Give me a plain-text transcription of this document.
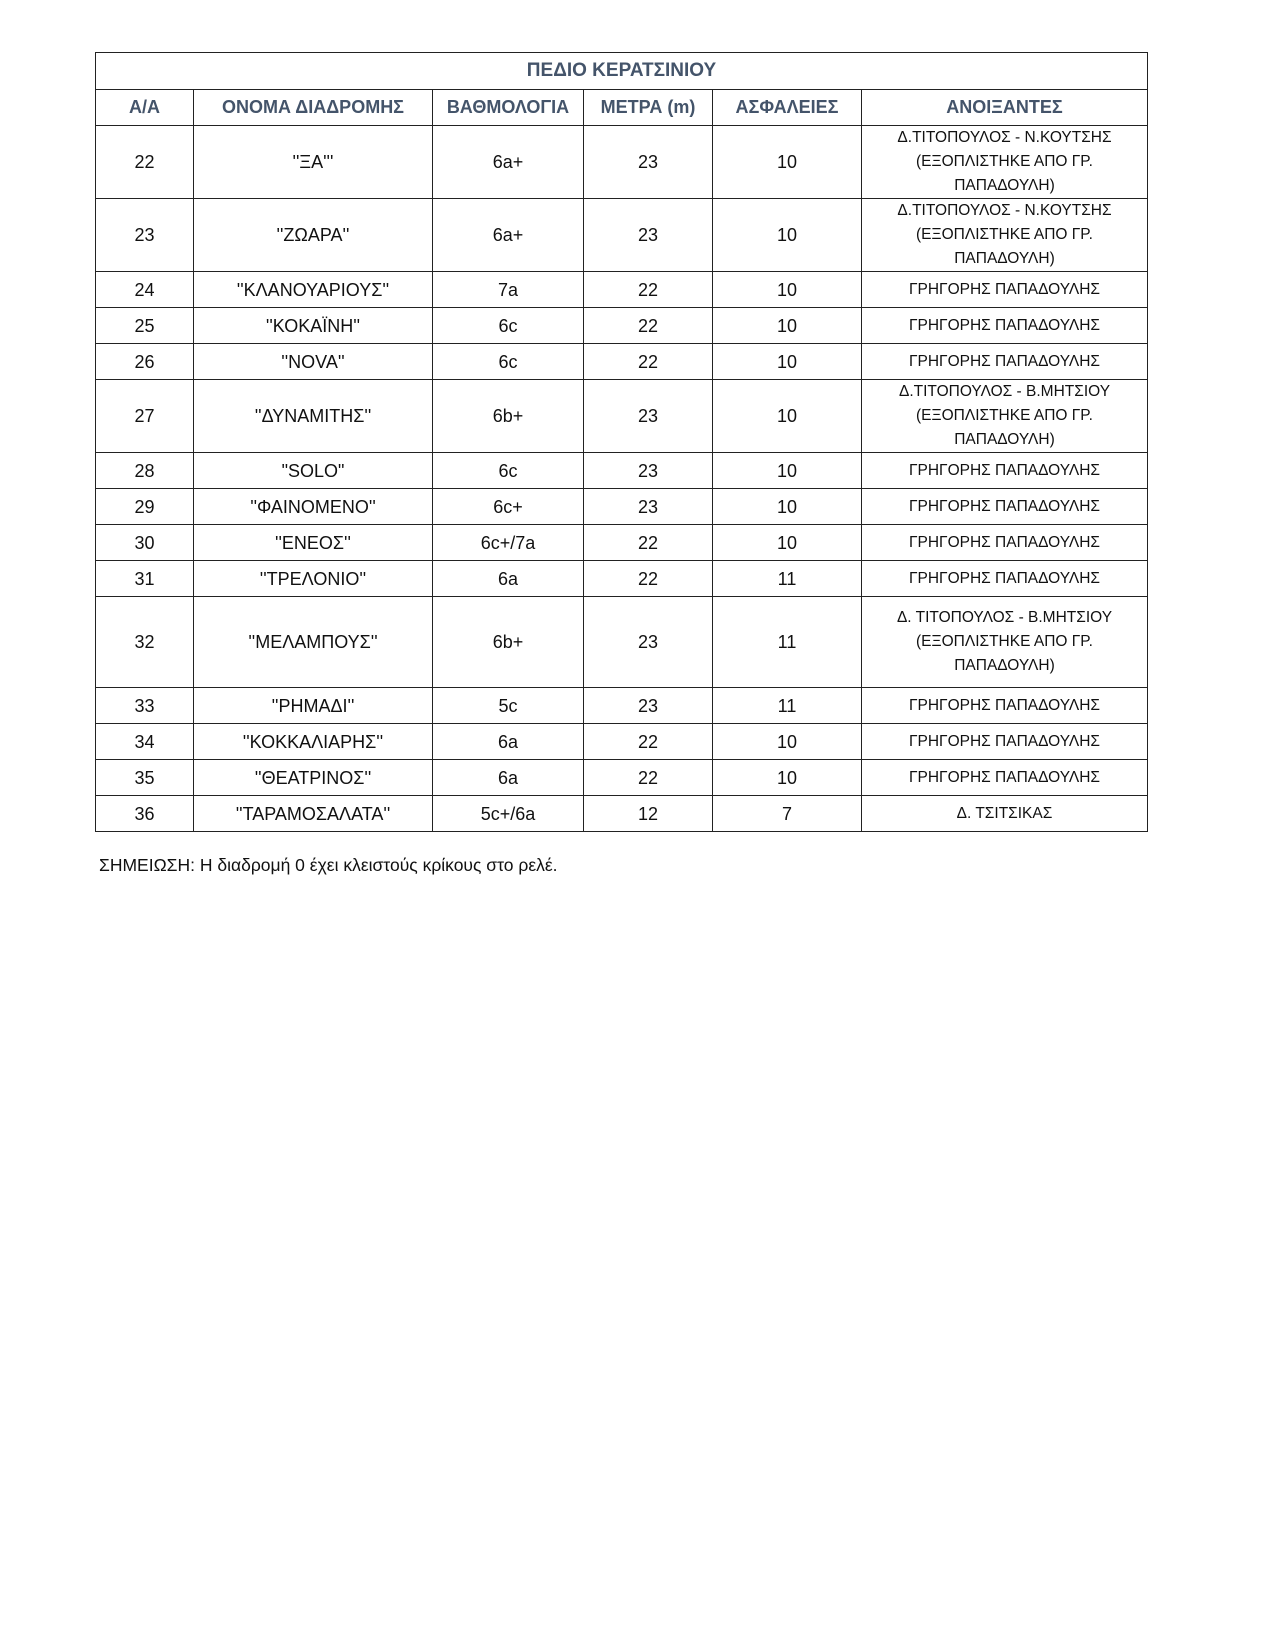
ΠΕΔΙΟ ΚΕΡΑΤΣΙΝΙΟΥ					
Α/Α	ΟΝΟΜΑ ΔΙΑΔΡΟΜΗΣ	ΒΑΘΜΟΛΟΓΙΑ	ΜΕΤΡΑ (m)	ΑΣΦΑΛΕΙΕΣ	ΑΝΟΙΞΑΝΤΕΣ
22	''ΞΑ'''	6a+	23	10	Δ.ΤΙΤΟΠΟΥΛΟΣ - Ν.ΚΟΥΤΣΗΣ
(ΕΞΟΠΛΙΣΤΗΚΕ ΑΠΟ ΓΡ.
ΠΑΠΑΔΟΥΛΗ)

23	''ΖΩΑΡΑ''	6a+	23	10	Δ.ΤΙΤΟΠΟΥΛΟΣ - Ν.ΚΟΥΤΣΗΣ
(ΕΞΟΠΛΙΣΤΗΚΕ ΑΠΟ ΓΡ.
ΠΑΠΑΔΟΥΛΗ)

24	''ΚΛΑΝΟΥΑΡΙΟΥΣ''	7a	22	10	ΓΡΗΓΟΡΗΣ ΠΑΠΑΔΟΥΛΗΣ

25	''ΚΟΚΑΪΝΗ''	6c	22	10	ΓΡΗΓΟΡΗΣ ΠΑΠΑΔΟΥΛΗΣ

26	''NOVA''	6c	22	10	ΓΡΗΓΟΡΗΣ ΠΑΠΑΔΟΥΛΗΣ

27	''ΔΥΝΑΜΙΤΗΣ''	6b+	23	10	Δ.ΤΙΤΟΠΟΥΛΟΣ - Β.ΜΗΤΣΙΟΥ
(ΕΞΟΠΛΙΣΤΗΚΕ ΑΠΟ ΓΡ.
ΠΑΠΑΔΟΥΛΗ)

28	"SOLO"	6c	23	10	ΓΡΗΓΟΡΗΣ ΠΑΠΑΔΟΥΛΗΣ

29	''ΦΑΙΝΟΜΕΝΟ''	6c+	23	10	ΓΡΗΓΟΡΗΣ ΠΑΠΑΔΟΥΛΗΣ

30	''ΕΝΕΟΣ''	6c+/7a	22	10	ΓΡΗΓΟΡΗΣ ΠΑΠΑΔΟΥΛΗΣ

31	''ΤΡΕΛΟΝΙΟ''	6a	22	11	ΓΡΗΓΟΡΗΣ ΠΑΠΑΔΟΥΛΗΣ

32	''ΜΕΛΑΜΠΟΥΣ''	6b+	23	11	Δ. ΤΙΤΟΠΟΥΛΟΣ - Β.ΜΗΤΣΙΟΥ
(ΕΞΟΠΛΙΣΤΗΚΕ ΑΠΟ ΓΡ.
ΠΑΠΑΔΟΥΛΗ)

33	''ΡΗΜΑΔΙ''	5c	23	11	ΓΡΗΓΟΡΗΣ ΠΑΠΑΔΟΥΛΗΣ

34	''ΚΟΚΚΑΛΙΑΡΗΣ''	6a	22	10	ΓΡΗΓΟΡΗΣ ΠΑΠΑΔΟΥΛΗΣ

35	''ΘΕΑΤΡΙΝΟΣ''	6a	22	10	ΓΡΗΓΟΡΗΣ ΠΑΠΑΔΟΥΛΗΣ

36	''ΤΑΡΑΜΟΣΑΛΑΤΑ''	5c+/6a	12	7	Δ. ΤΣΙΤΣΙΚΑΣ
ΣΗΜΕΙΩΣΗ: Η διαδρομή 0 έχει κλειστούς κρίκους στο ρελέ.
